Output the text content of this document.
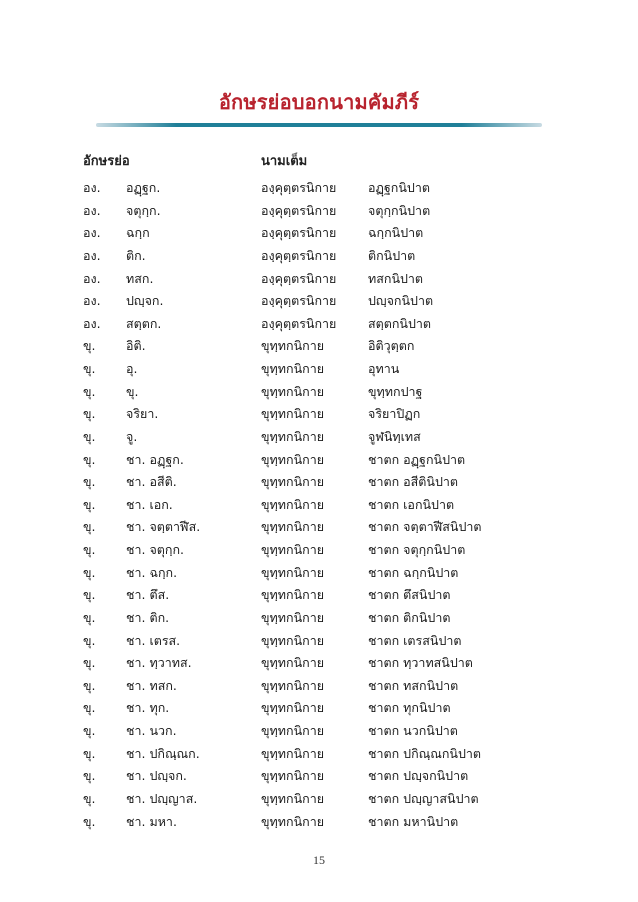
อักษรย่อบอกนามคัมภีร์
อักษรย่อ	นามเต็ม
อง. อฏฺฐก.	องฺคุตฺตรนิกาย	อฏฺฐกนิปาต
อง. จตุกฺก.	องฺคุตฺตรนิกาย	จตุกฺกนิปาต
อง. ฉกฺก	องฺคุตฺตรนิกาย	ฉกฺกนิปาต
อง. ติก.	องฺคุตฺตรนิกาย	ติกนิปาต
อง. ทสก.	องฺคุตฺตรนิกาย	ทสกนิปาต
อง. ปญฺจก.	องฺคุตฺตรนิกาย	ปญฺจกนิปาต
อง. สตฺตก.	องฺคุตฺตรนิกาย	สตฺตกนิปาต
ขุ. อิติ.	ขุทฺทกนิกาย	อิติวุตฺตก
ขุ. อุ.	ขุทฺทกนิกาย	อุทาน
ขุ. ขุ.	ขุทฺทกนิกาย	ขุทฺทกปาฐ
ขุ. จริยา.	ขุทฺทกนิกาย	จริยาปิฏก
ขุ. จู.	ขุทฺทกนิกาย	จูฬนิทฺเทส
ขุ. ชา. อฏฺฐก.	ขุทฺทกนิกาย	ชาตก อฏฺฐกนิปาต
ขุ. ชา. อสีติ.	ขุทฺทกนิกาย	ชาตก อสีตินิปาต
ขุ. ชา. เอก.	ขุทฺทกนิกาย	ชาตก เอกนิปาต
ขุ. ชา. จตฺตาฬีส.	ขุทฺทกนิกาย	ชาตก จตฺตาฬีสนิปาต
ขุ. ชา. จตุกฺก.	ขุทฺทกนิกาย	ชาตก จตุกฺกนิปาต
ขุ. ชา. ฉกฺก.	ขุทฺทกนิกาย	ชาตก ฉกฺกนิปาต
ขุ. ชา. ตึส.	ขุทฺทกนิกาย	ชาตก ตึสนิปาต
ขุ. ชา. ติก.	ขุทฺทกนิกาย	ชาตก ติกนิปาต
ขุ. ชา. เตรส.	ขุทฺทกนิกาย	ชาตก เตรสนิปาต
ขุ. ชา. ทฺวาทส.	ขุทฺทกนิกาย	ชาตก ทฺวาทสนิปาต
ขุ. ชา. ทสก.	ขุทฺทกนิกาย	ชาตก ทสกนิปาต
ขุ. ชา. ทุก.	ขุทฺทกนิกาย	ชาตก ทุกนิปาต
ขุ. ชา. นวก.	ขุทฺทกนิกาย	ชาตก นวกนิปาต
ขุ. ชา. ปกิณฺณก.	ขุทฺทกนิกาย	ชาตก ปกิณฺณกนิปาต
ขุ. ชา. ปญฺจก.	ขุทฺทกนิกาย	ชาตก ปญฺจกนิปาต
ขุ. ชา. ปญฺญาส.	ขุทฺทกนิกาย	ชาตก ปญฺญาสนิปาต
ขุ. ชา. มหา.	ขุทฺทกนิกาย	ชาตก มหานิปาต
15
